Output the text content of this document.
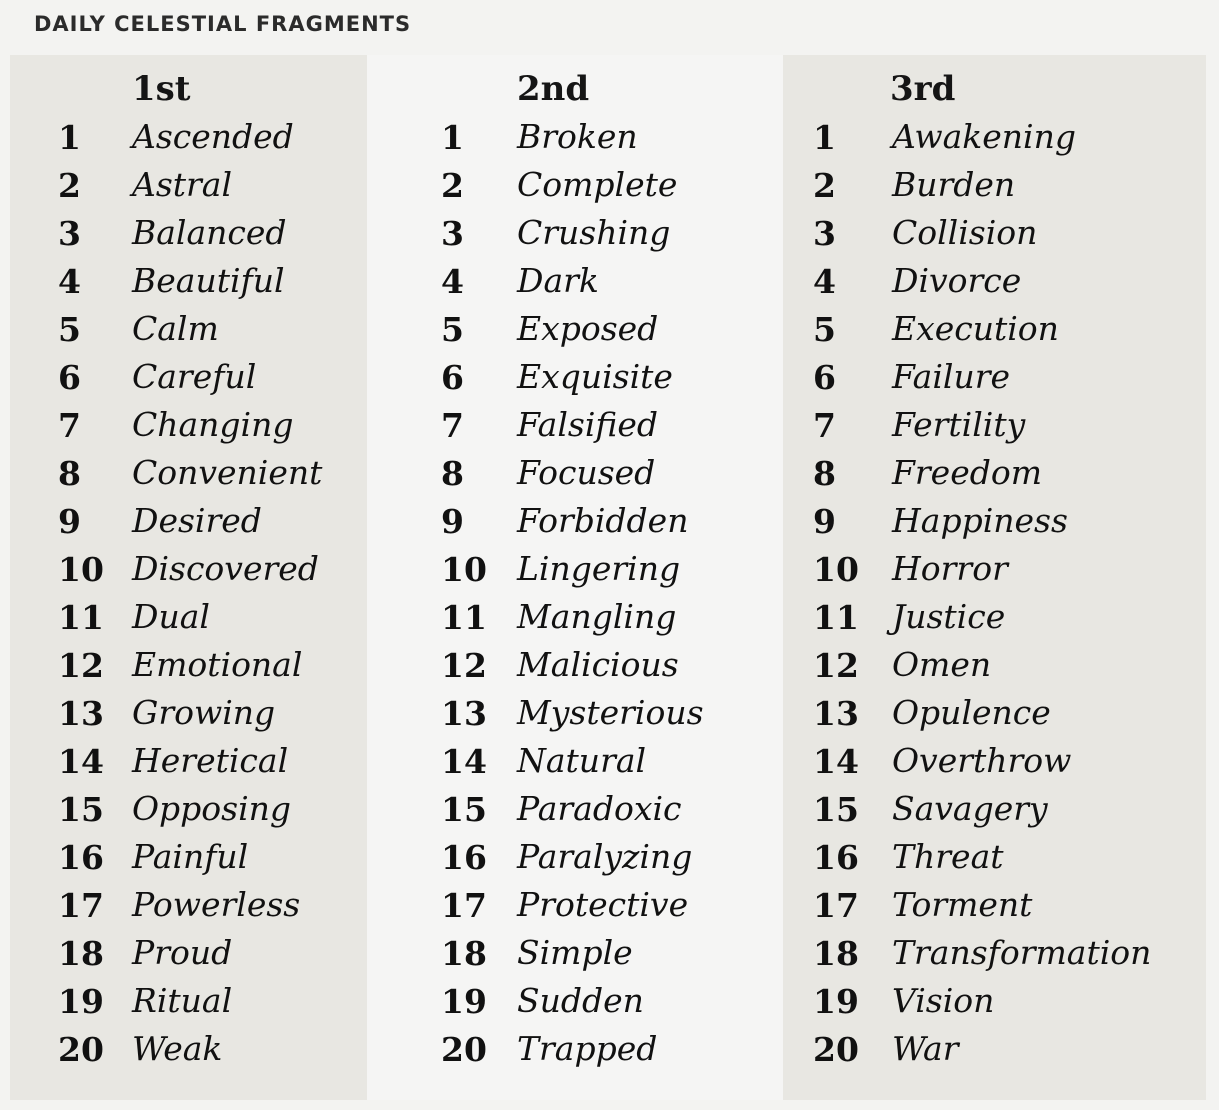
DAILY CELESTIAL FRAGMENTS
1st
1 Ascended
2 Astral
3 Balanced
4 Beautiful
5 Calm
6 Careful
7 Changing
8 Convenient
9 Desired
10 Discovered
11 Dual
12 Emotional
13 Growing
14 Heretical
15 Opposing
16 Painful
17 Powerless
18 Proud
19 Ritual
20 Weak
2nd
1 Broken
2 Complete
3 Crushing
4 Dark
5 Exposed
6 Exquisite
7 Falsified
8 Focused
9 Forbidden
10 Lingering
11 Mangling
12 Malicious
13 Mysterious
14 Natural
15 Paradoxic
16 Paralyzing
17 Protective
18 Simple
19 Sudden
20 Trapped
3rd
1 Awakening
2 Burden
3 Collision
4 Divorce
5 Execution
6 Failure
7 Fertility
8 Freedom
9 Happiness
10 Horror
11 Justice
12 Omen
13 Opulence
14 Overthrow
15 Savagery
16 Threat
17 Torment
18 Transformation
19 Vision
20 War
